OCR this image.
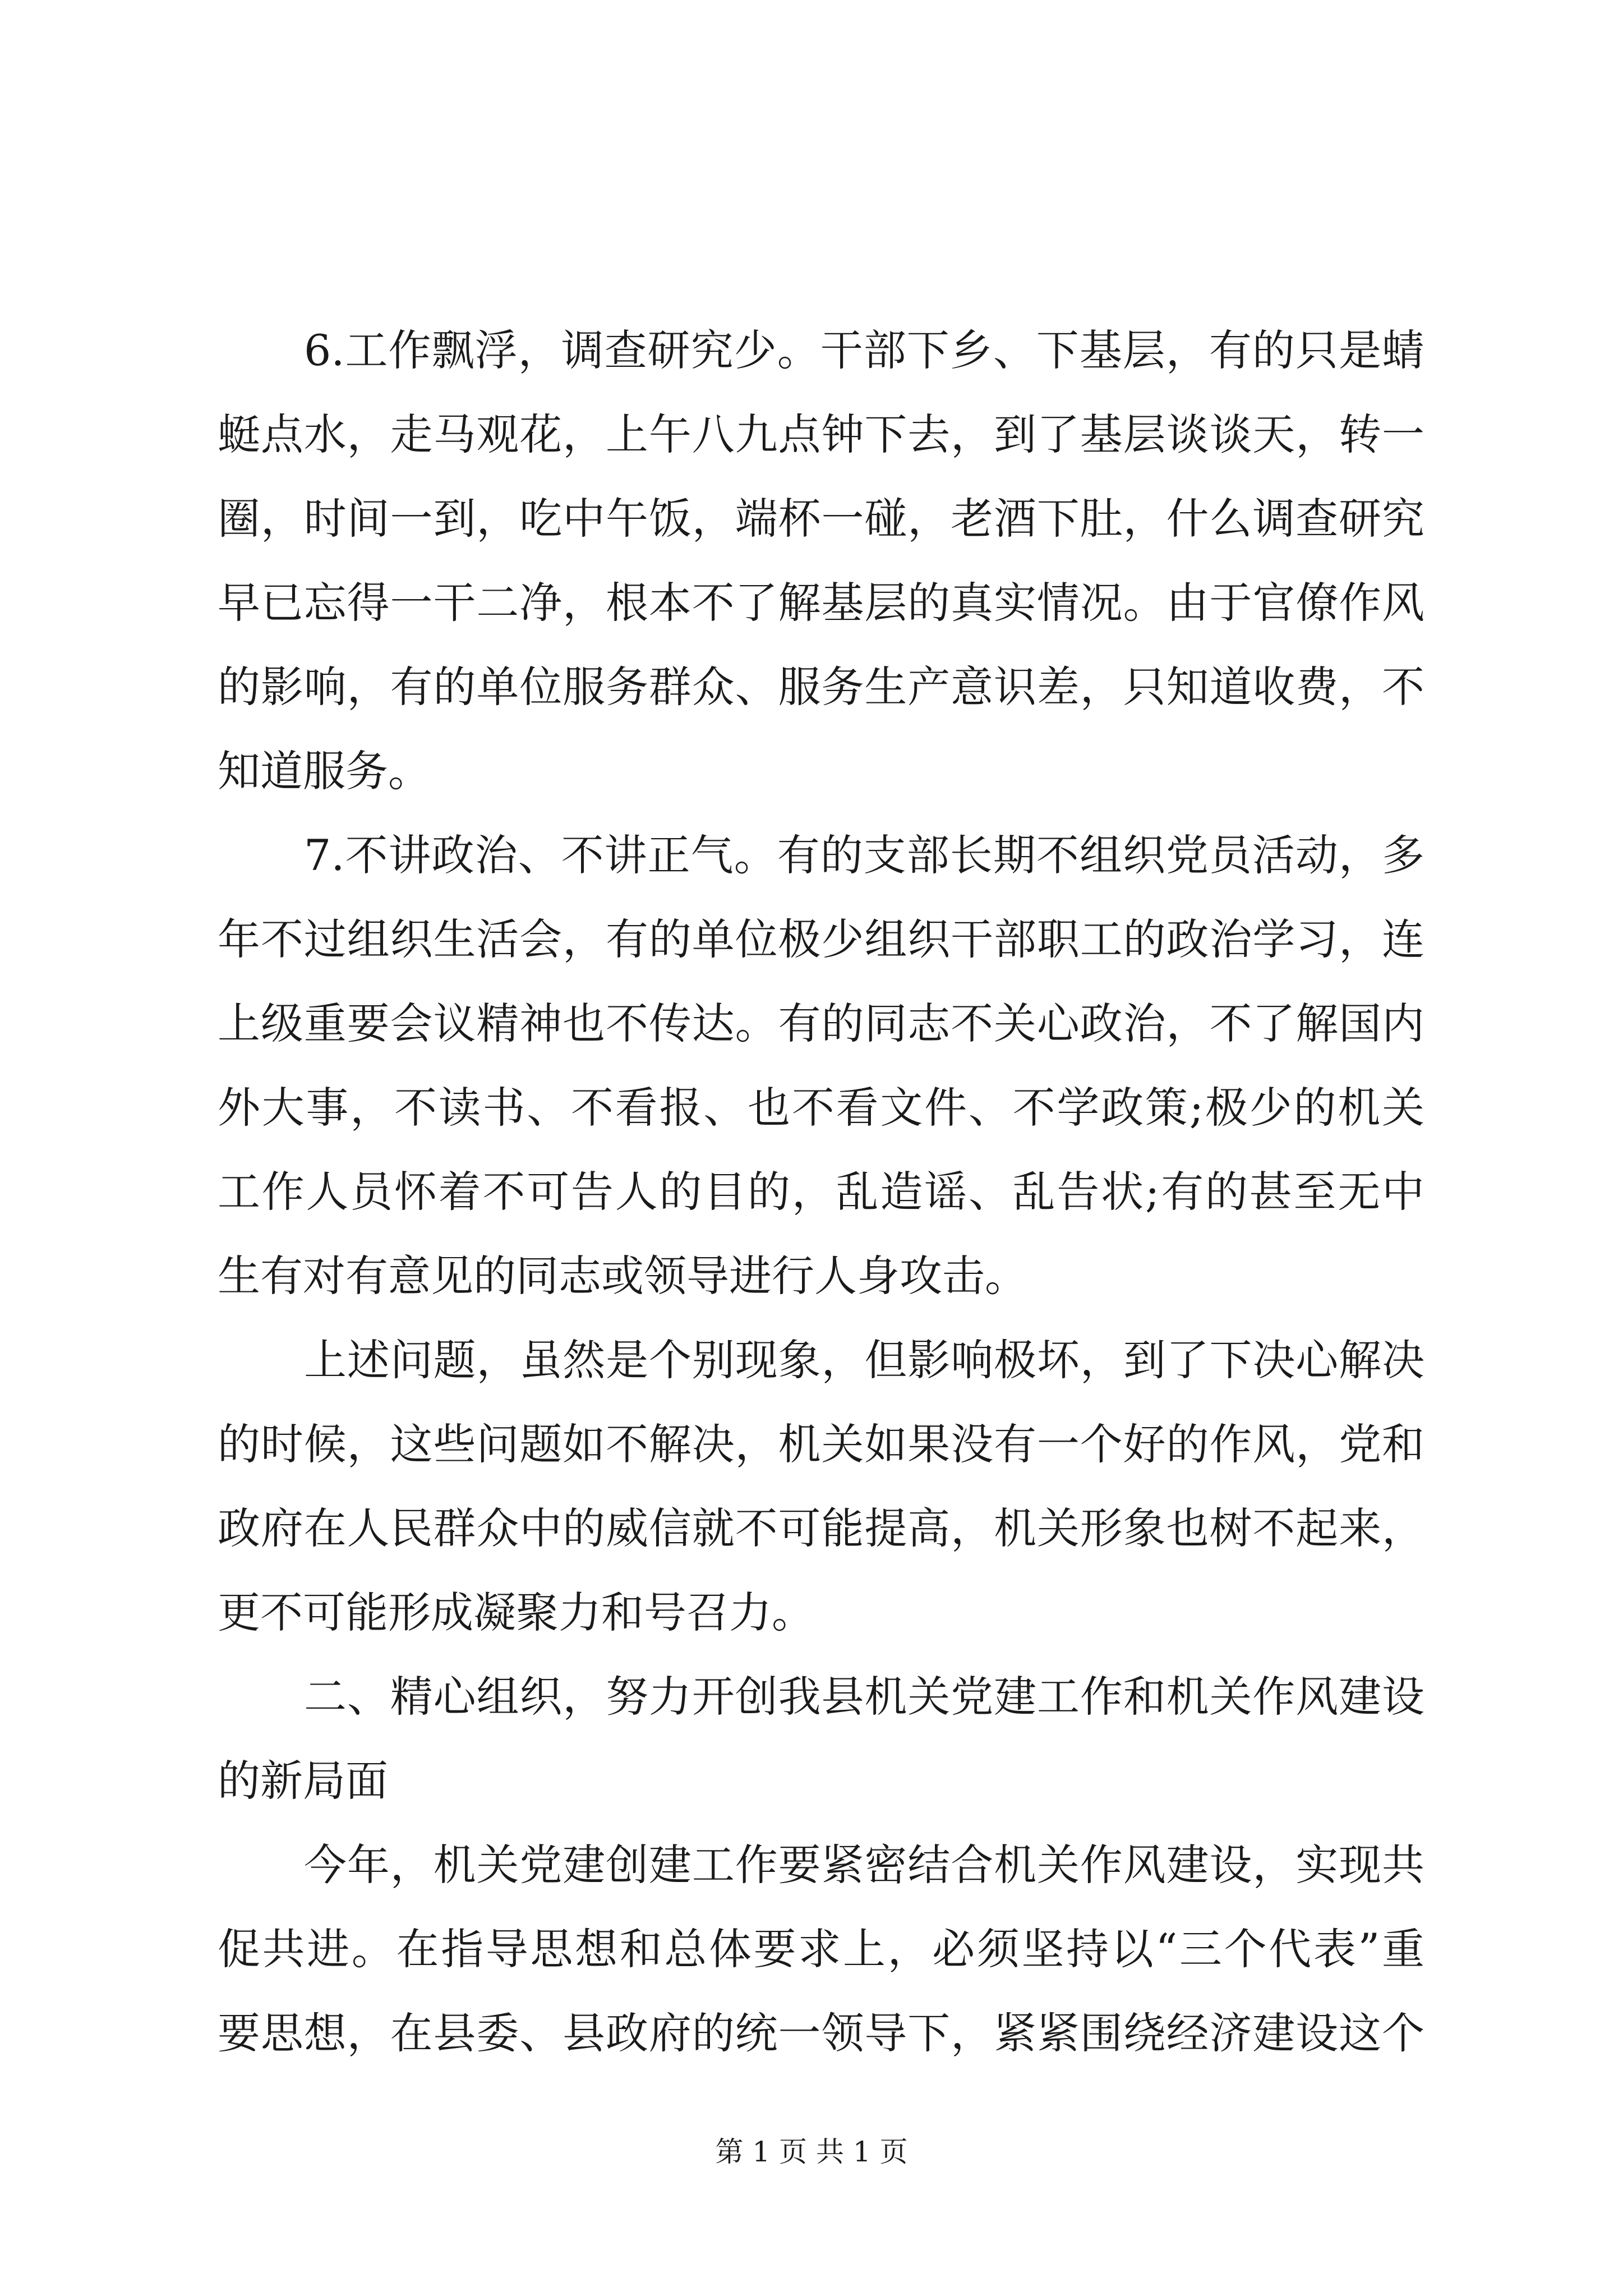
6.工作飘浮，调查研究少。干部下乡、下基层，有的只是蜻
蜓点水，走马观花，上午八九点钟下去，到了基层谈谈天，转一
圈，时间一到，吃中午饭，端杯一碰，老酒下肚，什么调查研究
早已忘得一干二净，根本不了解基层的真实情况。由于官僚作风
的影响，有的单位服务群众、服务生产意识差，只知道收费，不
知道服务。
7.不讲政治、不讲正气。有的支部长期不组织党员活动，多
年不过组织生活会，有的单位极少组织干部职工的政治学习，连
上级重要会议精神也不传达。有的同志不关心政治，不了解国内
外大事，不读书、不看报、也不看文件、不学政策;极少的机关
工作人员怀着不可告人的目的，乱造谣、乱告状;有的甚至无中
生有对有意见的同志或领导进行人身攻击。
上述问题，虽然是个别现象，但影响极坏，到了下决心解决
的时候，这些问题如不解决，机关如果没有一个好的作风，党和
政府在人民群众中的威信就不可能提高，机关形象也树不起来，
更不可能形成凝聚力和号召力。
二、精心组织，努力开创我县机关党建工作和机关作风建设
的新局面
今年，机关党建创建工作要紧密结合机关作风建设，实现共
促共进。在指导思想和总体要求上，必须坚持以“三个代表”重
要思想，在县委、县政府的统一领导下，紧紧围绕经济建设这个
第 1 页 共 1 页
